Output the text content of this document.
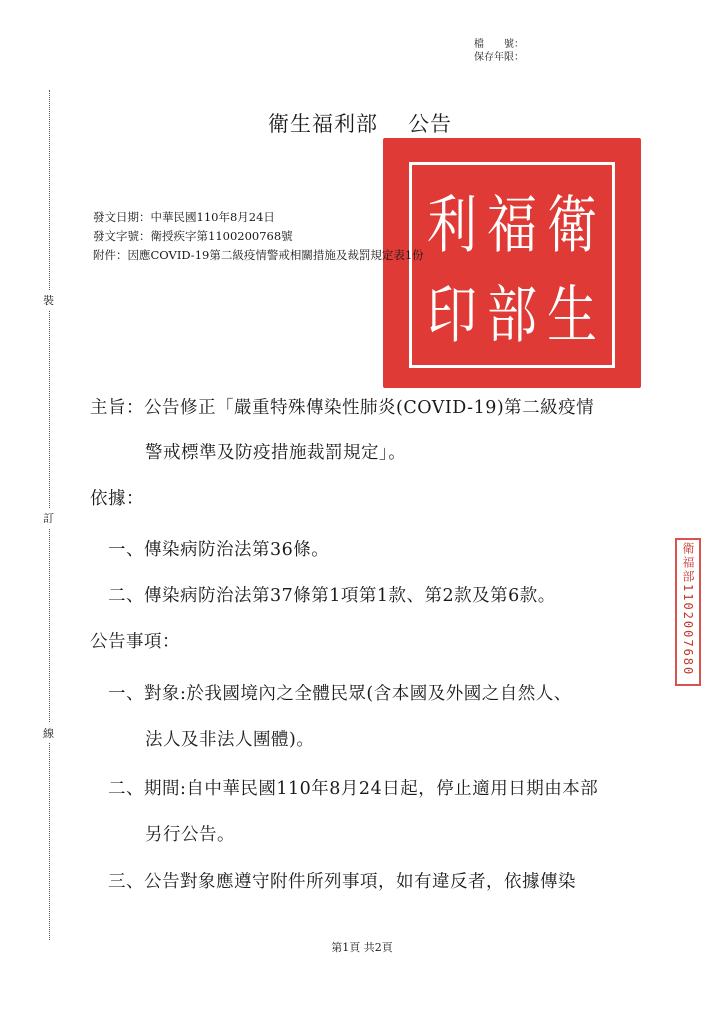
檔　　號：
保存年限：
裝
訂
線
衛生福利部 公告
利 福 衛
印 部 生
發文日期：中華民國110年8月24日
發文字號：衛授疾字第1100200768號
附件：因應COVID-19第二級疫情警戒相關措施及裁罰規定表1份
主旨：公告修正「嚴重特殊傳染性肺炎(COVID-19)第二級疫情
警戒標準及防疫措施裁罰規定」。
依據：
一、傳染病防治法第36條。
二、傳染病防治法第37條第1項第1款、第2款及第6款。
公告事項：
一、對象:於我國境內之全體民眾(含本國及外國之自然人、
法人及非法人團體)。
二、期間:自中華民國110年8月24日起，停止適用日期由本部
另行公告。
三、公告對象應遵守附件所列事項，如有違反者，依據傳染
衛福部1102007680
第1頁 共2頁
